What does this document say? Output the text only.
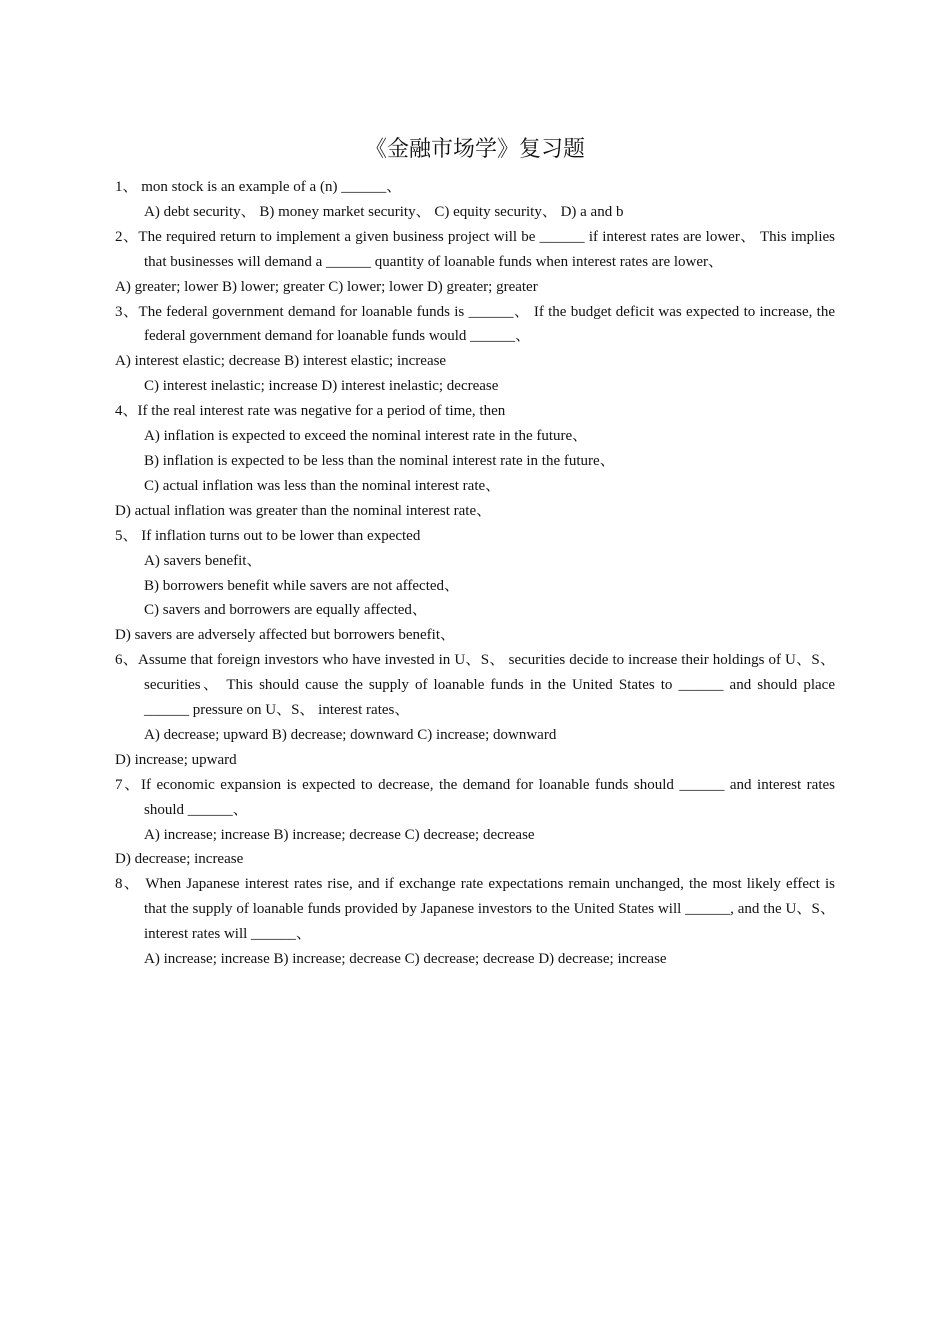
《金融市场学》复习题

1、 mon stock is an example of a (n) ______、

A) debt security、 B) money market security、 C) equity security、 D) a and b

2、The required return to implement a given business project will be ______ if interest rates are lower、 This implies that businesses will demand a ______ quantity of loanable funds when interest rates are lower、

A) greater; lower B) lower; greater C) lower; lower D) greater; greater

3、The federal government demand for loanable funds is ______、 If the budget deficit was expected to increase, the federal government demand for loanable funds would ______、

A) interest elastic; decrease B) interest elastic; increase

C) interest inelastic; increase D) interest inelastic; decrease

4、If the real interest rate was negative for a period of time, then

A) inflation is expected to exceed the nominal interest rate in the future、

B) inflation is expected to be less than the nominal interest rate in the future、

C) actual inflation was less than the nominal interest rate、

D) actual inflation was greater than the nominal interest rate、

5、 If inflation turns out to be lower than expected

A) savers benefit、

B) borrowers benefit while savers are not affected、

C) savers and borrowers are equally affected、

D) savers are adversely affected but borrowers benefit、

6、Assume that foreign investors who have invested in U、S、 securities decide to increase their holdings of U、S、 securities、 This should cause the supply of loanable funds in the United States to ______ and should place ______ pressure on U、S、 interest rates、

A) decrease; upward B) decrease; downward C) increase; downward

D) increase; upward

7、If economic expansion is expected to decrease, the demand for loanable funds should ______ and interest rates should ______、

A) increase; increase B) increase; decrease C) decrease; decrease

D) decrease; increase

8、 When Japanese interest rates rise, and if exchange rate expectations remain unchanged, the most likely effect is that the supply of loanable funds provided by Japanese investors to the United States will ______, and the U、S、 interest rates will ______、

A) increase; increase B) increase; decrease C) decrease; decrease D) decrease; increase
